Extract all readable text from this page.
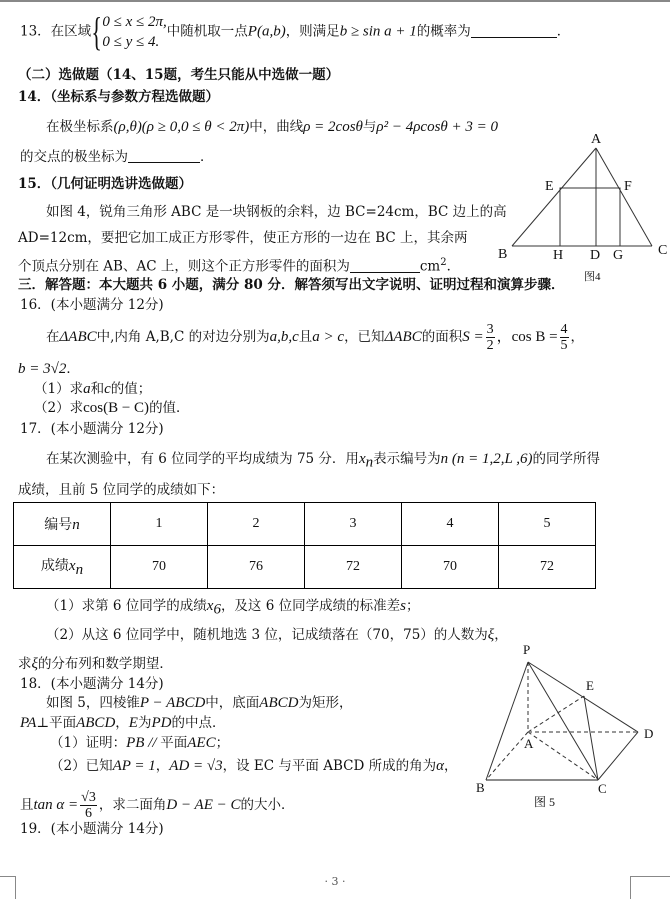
13．在区域{ 0 ≤ x ≤ 2π,
0 ≤ y ≤ 4.
中随机取一点P(a,b)，则满足b ≥ sin a + 1的概率为	．
（二）选做题（14、15题，考生只能从中选做一题）
14．（坐标系与参数方程选做题）
在极坐标系(ρ,θ)(ρ ≥ 0,0 ≤ θ < 2π)中，曲线ρ = 2cosθ与ρ² − 4ρcosθ + 3 = 0
的交点的极坐标为	．
15．（几何证明选讲选做题）
如图 4，锐角三角形 ABC 是一块钢板的余料，边 BC=24cm，BC 边上的高
AD=12cm，要把它加工成正方形零件，使正方形的一边在 BC 上，其余两
个顶点分别在 AB、AC 上，则这个正方形零件的面积为	$cm^2$．
A
E	F
B	H D G C
图4
三．解答题：本大题共 6 小题，满分 80 分．解答须写出文字说明、证明过程和演算步骤．
16．(本小题满分 12分)
在ΔABC中,内角 A,B,C 的对边分别为a,b,c且a > c，已知ΔABC的面积$S = \frac{3}{2}$ ，$\cos B = \frac{4}{5}$ ，
b = 3√2．
（1）求a和c的值；
（2）求cos(B − C)的值．
17．(本小题满分 12分)
在某次测验中，有 6 位同学的平均成绩为 75 分．用$x_n$表示编号为n (n = 1,2,L ,6)的同学所得
成绩，且前 5 位同学的成绩如下：
编号n	1	2	3	4	5
成绩$x_n$	70	76	72	70	72
（1）求第 6 位同学的成绩$x_6$，及这 6 位同学成绩的标准差s；
（2）从这 6 位同学中，随机地选 3 位，记成绩落在（70，75）的人数为ξ，
求ξ的分布列和数学期望．
18．(本小题满分 14分)
如图 5，四棱锥P − ABCD中，底面ABCD为矩形，
PA⊥平面ABCD，E为PD的中点．
（1）证明：PB // 平面AEC；
（2）已知AP = 1，AD = √3，设 EC 与平面 ABCD 所成的角为α，
且$\tan \alpha = \frac{√3}{6}$ ，求二面角D − AE − C的大小．
P
E
A
D
B	C
图 5
19．(本小题满分 14分)
· 3 ·
